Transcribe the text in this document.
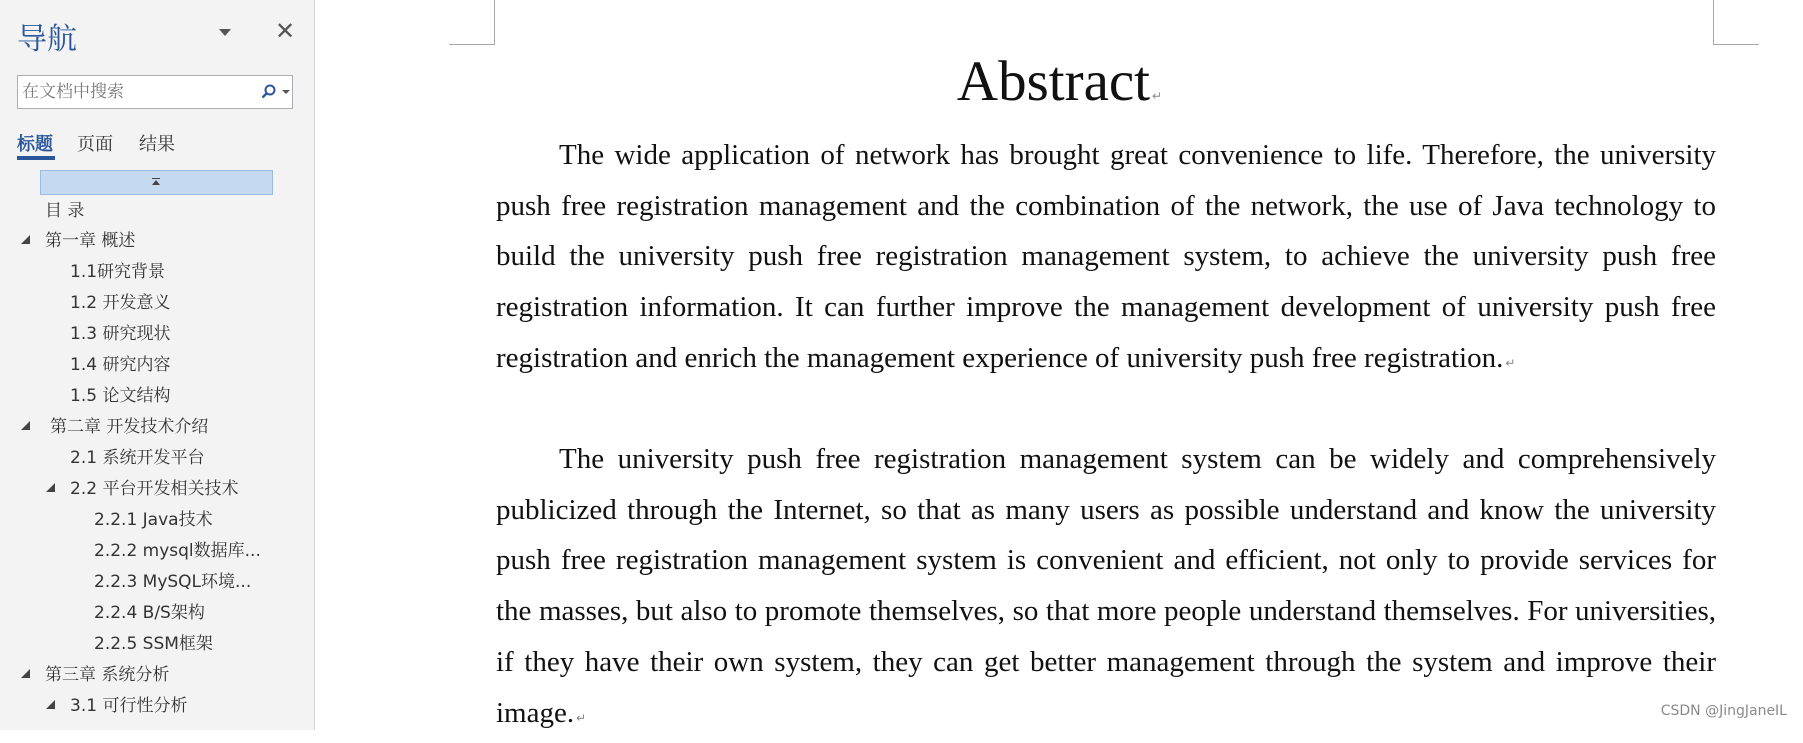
导航	✕
在文档中搜索
标题 页面 结果
目 录
第一章 概述
1.1研究背景
1.2 开发意义
1.3 研究现状
1.4 研究内容
1.5 论文结构
第二章 开发技术介绍
2.1 系统开发平台
2.2 平台开发相关技术
2.2.1 Java技术
2.2.2 mysql数据库...
2.2.3 MySQL环境...
2.2.4 B/S架构
2.2.5 SSM框架
第三章 系统分析
3.1 可行性分析
Abstract ↵
The wide application of network has brought great convenience to life. Therefore, the university push free registration management and the combination of the network, the use of Java technology to build the university push free registration management system, to achieve the university push free registration information. It can further improve the management development of university push free registration and enrich the management experience of university push free registration. ↵
The university push free registration management system can be widely and comprehensively publicized through the Internet, so that as many users as possible understand and know the university push free registration management system is convenient and efficient, not only to provide services for the masses, but also to promote themselves, so that more people understand themselves. For universities, if they have their own system, they can get better management through the system and improve their image. ↵	CSDN @JingJaneIL
